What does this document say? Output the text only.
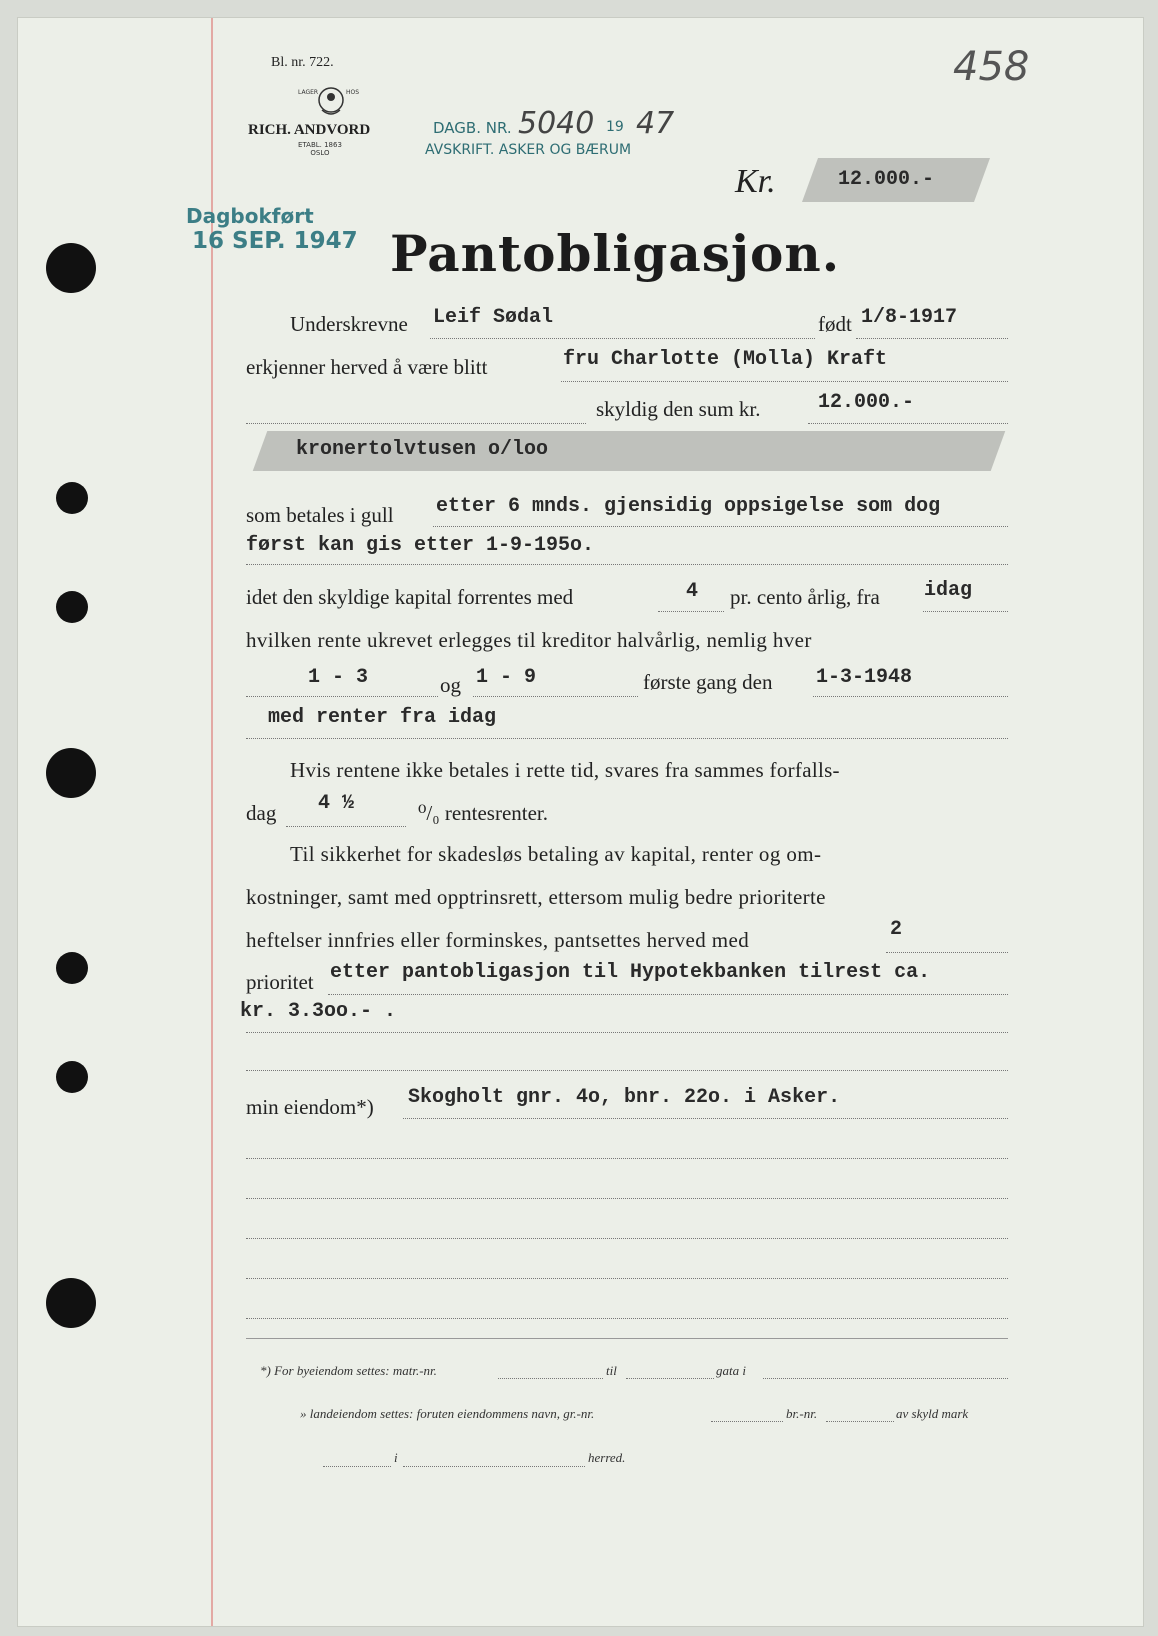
Bl. nr. 722.
LAGER	HOS
RICH. ANDVORD
ETABL. 1863
OSLO
DAGB. NR. 5040 19 47
AVSKRIFT. ASKER OG BÆRUM
458
Dagbokført
16 SEP. 1947
Kr.	12.000.-
Pantobligasjon.
Underskrevne Leif Sødal	født 1/8-1917
erkjenner herved å være blitt	fru Charlotte (Molla) Kraft
skyldig den sum kr.	12.000.-
kronertolvtusen o/loo
som betales i gull etter 6 mnds. gjensidig oppsigelse som dog
først kan gis etter 1-9-195o.
idet den skyldige kapital forrentes med	4 pr. cento årlig, fra idag
hvilken rente ukrevet erlegges til kreditor halvårlig, nemlig hver
1 - 3	og 1 - 9	første gang den 1-3-1948
med renter fra idag
Hvis rentene ikke betales i rette tid, svares fra sammes forfalls-
dag 4 ½	⁰/₀ rentesrenter.
Til sikkerhet for skadesløs betaling av kapital, renter og om-
kostninger, samt med opptrinsrett, ettersom mulig bedre prioriterte
heftelser innfries eller forminskes, pantsettes herved med	2
prioritet etter pantobligasjon til Hypotekbanken tilrest ca.
kr. 3.3oo.- .
min eiendom*) Skogholt gnr. 4o, bnr. 22o. i Asker.
*) For byeiendom settes: matr.-nr.	til	gata i
» landeiendom settes: foruten eiendommens navn, gr.-nr.	br.-nr.	av skyld mark
i	herred.
